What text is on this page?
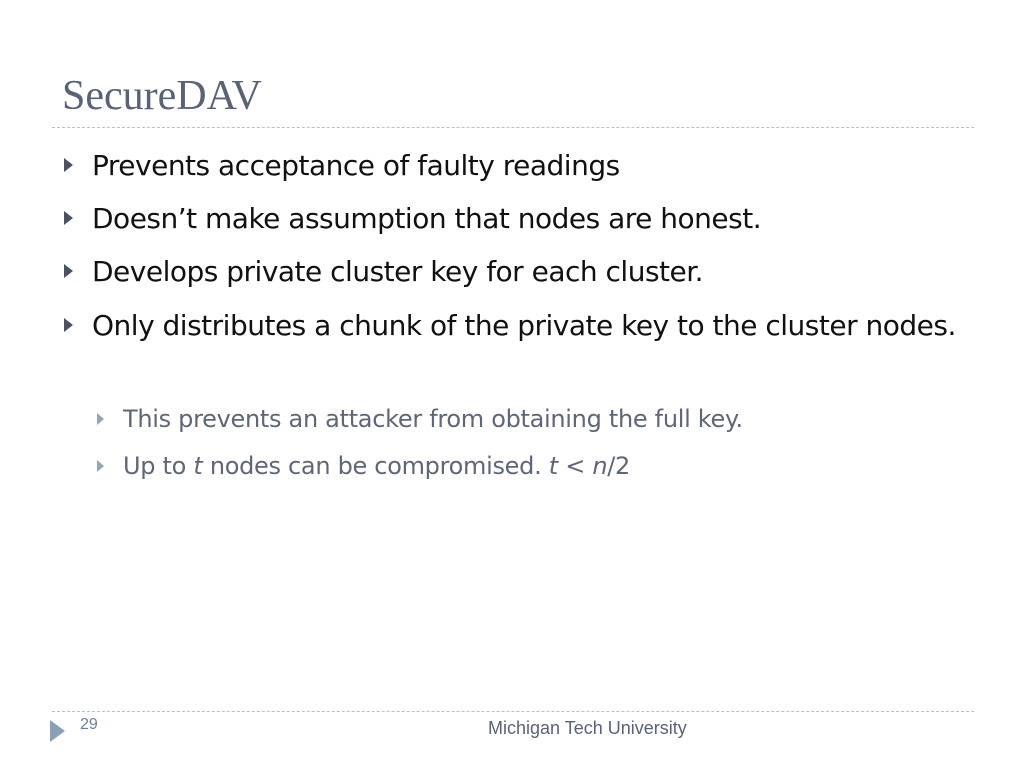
SecureDAV
Prevents acceptance of faulty readings
Doesn’t make assumption that nodes are honest.
Develops private cluster key for each cluster.
Only distributes a chunk of the private key to the cluster nodes.
This prevents an attacker from obtaining the full key.
Up to t nodes can be compromised. t < n/2
29	Michigan Tech University
